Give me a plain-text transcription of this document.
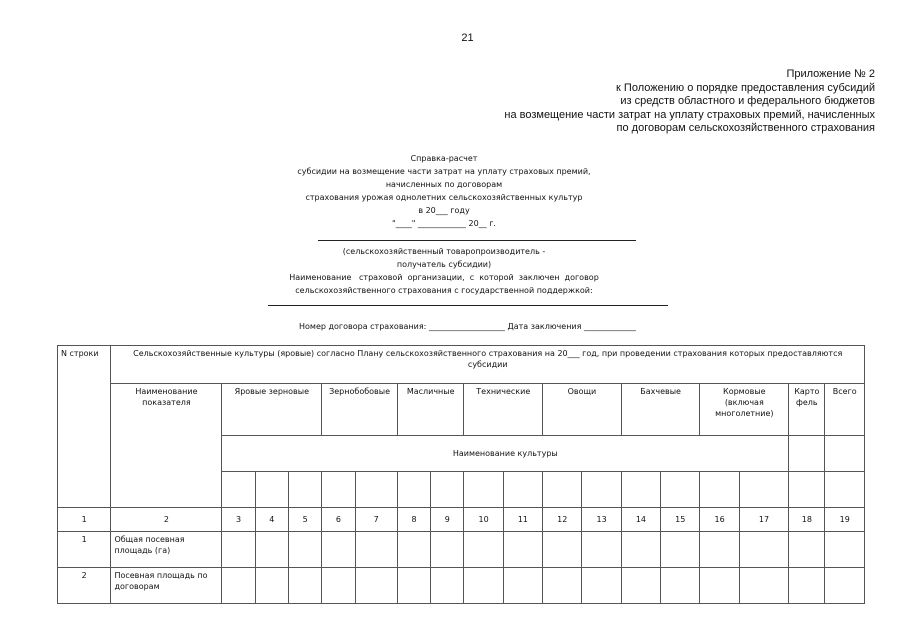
21
Приложение № 2
к Положению о порядке предоставления субсидий
из средств областного и федерального бюджетов
на возмещение части затрат на уплату страховых премий, начисленных
по договорам сельскохозяйственного страхования
Справка-расчет
субсидии на возмещение части затрат на уплату страховых премий,
начисленных по договорам
страхования урожая однолетних сельскохозяйственных культур
в 20___ году
"____" ____________ 20__ г.
(сельскохозяйственный товаропроизводитель -
получатель субсидии)
Наименование   страховой  организации,  с  которой  заключен  договор
сельскохозяйственного страхования с государственной поддержкой:
Номер договора страхования: ___________________ Дата заключения _____________
N строки	Сельскохозяйственные культуры (яровые) согласно Плану сельскохозяйственного страхования на 20___ год, при проведении страхования которых предоставляются субсидии																	
	Наименование показателя	Яровые зерновые			Зернобобовые		Масличные		Технические		Овощи		Бахчевые		Кормовые (включая многолетние)		Карто фель	Всего
		Наименование культуры																

1	2	3	4	5	6	7	8	9	10	11	12	13	14	15	16	17	18	19
1	Общая посевная площадь (га)																	
2	Посевная площадь по договорам																	
